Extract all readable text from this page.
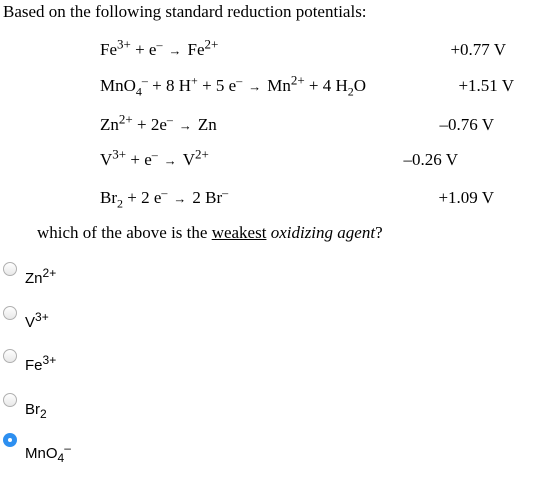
Based on the following standard reduction potentials:
$Fe^{3+} + e^- \to Fe^{2+}$	+0.77 V
MnO$_4$– + 8 H+ + 5 $e^- \to Mn^{2+} + 4$ $H_2O$	+1.51 V
$Zn^{2+} + 2e^- \to Zn$	–0.76 V
$V^{3+} + e^- \to V^{2+}$	–0.26 V
$Br_2 + 2$ e– → 2 Br–	+1.09 V
which of the above is the weakest oxidizing agent?
$Zn^{2+}$
$V^{3+}$
$Fe^{3+}$
$Br_2$
MnO$_4$–
